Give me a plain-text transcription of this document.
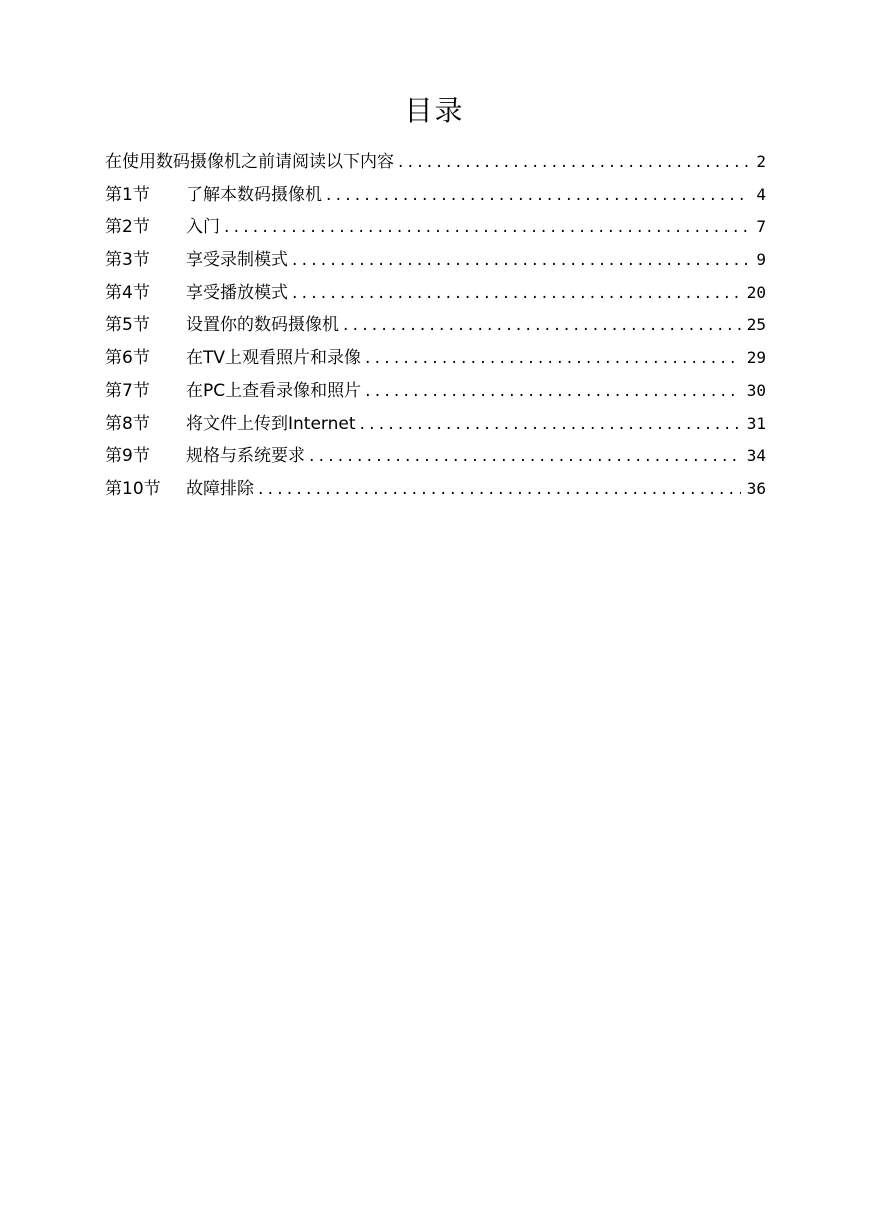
目录
在使用数码摄像机之前请阅读以下内容 .....	2
第1节	了解本数码摄像机 .....	4
第2节	入门 .....	7
第3节	享受录制模式 .....	9
第4节	享受播放模式 .....	20
第5节	设置你的数码摄像机 .....	25
第6节	在TV上观看照片和录像 .....	29
第7节	在PC上查看录像和照片 .....	30
第8节	将文件上传到Internet .....	31
第9节	规格与系统要求 .....	34
第10节	故障排除 .....	36
